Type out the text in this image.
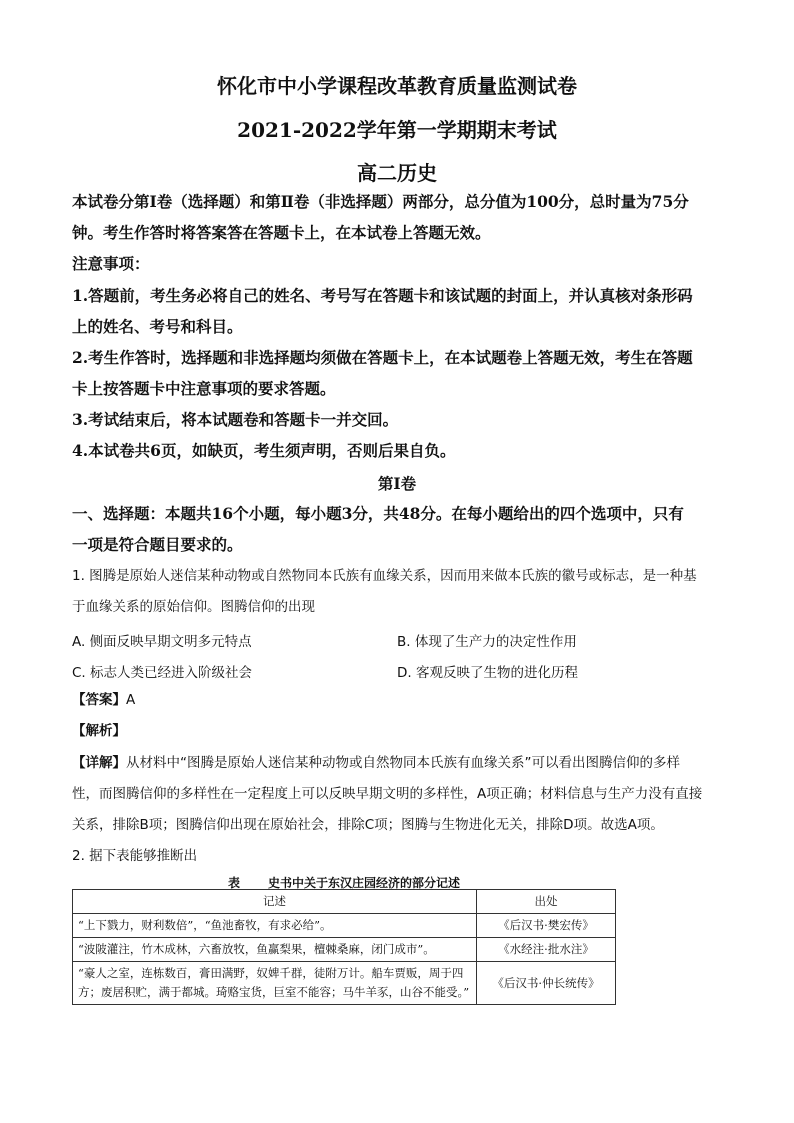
怀化市中小学课程改革教育质量监测试卷
2021-2022学年第一学期期末考试
高二历史
本试卷分第Ⅰ卷（选择题）和第Ⅱ卷（非选择题）两部分，总分值为100分，总时量为75分
钟。考生作答时将答案答在答题卡上，在本试卷上答题无效。
注意事项：
1.答题前，考生务必将自己的姓名、考号写在答题卡和该试题的封面上，并认真核对条形码
上的姓名、考号和科目。
2.考生作答时，选择题和非选择题均须做在答题卡上，在本试题卷上答题无效，考生在答题
卡上按答题卡中注意事项的要求答题。
3.考试结束后，将本试题卷和答题卡一并交回。
4.本试卷共6页，如缺页，考生须声明，否则后果自负。
第Ⅰ卷
一、选择题：本题共16个小题，每小题3分，共48分。在每小题给出的四个选项中，只有
一项是符合题目要求的。
1. 图腾是原始人迷信某种动物或自然物同本氏族有血缘关系，因而用来做本氏族的徽号或标志，是一种基
于血缘关系的原始信仰。图腾信仰的出现
A. 侧面反映早期文明多元特点	B. 体现了生产力的决定性作用
C. 标志人类已经进入阶级社会	D. 客观反映了生物的进化历程
【答案】A
【解析】
【详解】从材料中“图腾是原始人迷信某种动物或自然物同本氏族有血缘关系”可以看出图腾信仰的多样
性，而图腾信仰的多样性在一定程度上可以反映早期文明的多样性，A项正确；材料信息与生产力没有直接
关系，排除B项；图腾信仰出现在原始社会，排除C项；图腾与生物进化无关，排除D项。故选A项。
2. 据下表能够推断出
表 史书中关于东汉庄园经济的部分记述
记述	出处
“上下戮力，财利数倍”，“鱼池畜牧，有求必给”。	《后汉书·樊宏传》
“波陂灌注，竹木成林，六畜放牧，鱼赢梨果，檀棘桑麻，闭门成市”。	《水经注·批水注》
“豪人之室，连栋数百，膏田满野，奴婢千群，徒附万计。船车贾贩，周于四方；废居积贮，满于都城。琦赂宝货，巨室不能容；马牛羊豕，山谷不能受。”	《后汉书·仲长统传》
